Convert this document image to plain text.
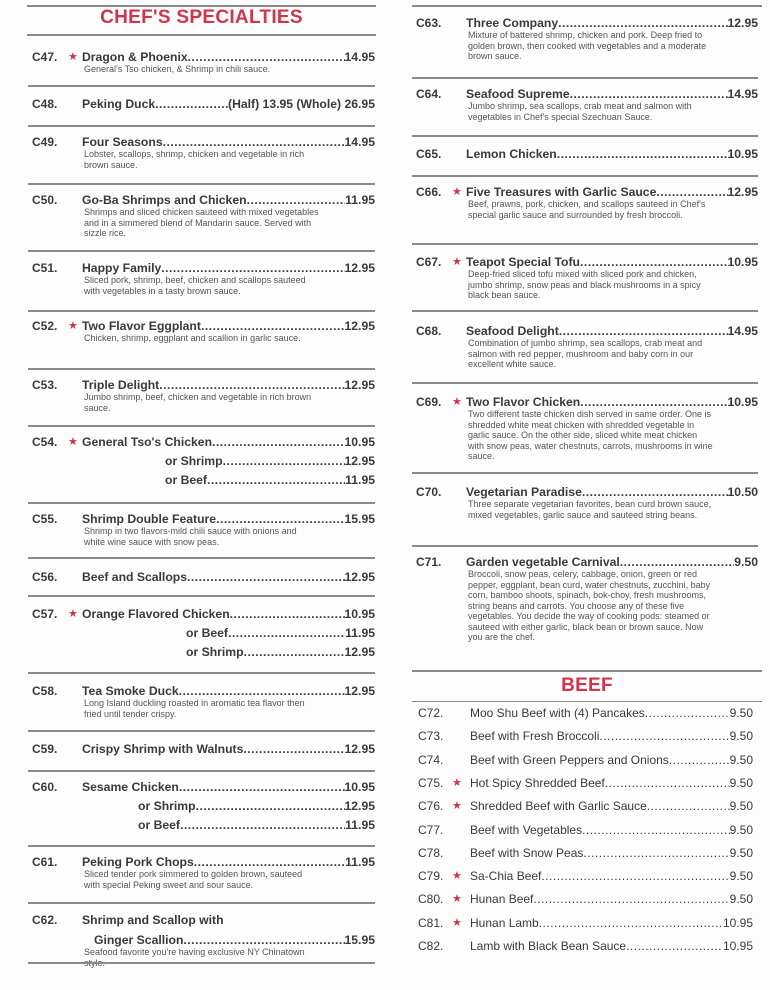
CHEF'S SPECIALTIES
BEEF
C47. ★ Dragon & Phoenix .....	14.95
General's Tso chicken, & Shrimp in chili sauce.
C48. Peking Duck .....	(Half) 13.95 (Whole) 26.95
C49. Four Seasons .....	14.95
Lobster, scallops, shrimp, chicken and vegetable in rich brown sauce.
C50. Go-Ba Shrimps and Chicken .....	11.95
Shrimps and sliced chicken sauteed with mixed vegetables and in a simmered blend of Mandarin sauce. Served with sizzle rice.
C51. Happy Family .....	12.95
Sliced pork, shrimp, beef, chicken and scallops sauteed with vegetables in a tasty brown sauce.
C52. ★ Two Flavor Eggplant .....	12.95
Chicken, shrimp, eggplant and scallion in garlic sauce.
C53. Triple Delight .....	12.95
Jumbo shrimp, beef, chicken and vegetable in rich brown sauce.
C54. ★ General Tso's Chicken .....	10.95
or Shrimp .....	12.95
or Beef .....	11.95
C55. Shrimp Double Feature .....	15.95
Shrimp in two flavors-mild chili sauce with onions and white wine sauce with snow peas.
C56. Beef and Scallops .....	12.95
C57. ★ Orange Flavored Chicken .....	10.95
or Beef .....	11.95
or Shrimp .....	12.95
C58. Tea Smoke Duck .....	12.95
Long Island duckling roasted in aromatic tea flavor then fried until tender crispy.
C59. Crispy Shrimp with Walnuts .....	12.95
C60. Sesame Chicken .....	10.95
or Shrimp .....	12.95
or Beef .....	11.95
C61. Peking Pork Chops .....	11.95
Sliced tender pork simmered to golden brown, sauteed with special Peking sweet and sour sauce.
C62. Shrimp and Scallop with
Ginger Scallion .....	15.95
Seafood favorite you're having exclusive NY Chinatown
C63. Three Company .....	12.95
Mixture of battered shrimp, chicken and pork. Deep fried to golden brown, then cooked with vegetables and a moderate brown sauce.
C64. Seafood Supreme .....	14.95
Jumbo shrimp, sea scallops, crab meat and salmon with vegetables in Chef's special Szechuan Sauce.
C65. Lemon Chicken .....	10.95
C66. ★ Five Treasures with Garlic Sauce .....	12.95
Beef, prawns, pork, chicken, and scallops sauteed in Chef's special garlic sauce and surrounded by fresh broccoli.
C67. ★ Teapot Special Tofu .....	10.95
Deep-fried sliced tofu mixed with sliced pork and chicken, jumbo shrimp, snow peas and black mushrooms in a spicy black bean sauce.
C68. Seafood Delight .....	14.95
Combination of jumbo shrimp, sea scallops, crab meat and salmon with red pepper, mushroom and baby corn in our excellent white sauce.
C69. ★ Two Flavor Chicken .....	10.95
Two different taste chicken dish served in same order. One is shredded white meat chicken with shredded vegetable in garlic sauce. On the other side, sliced white meat chicken with snow peas, water chestnuts, carrots, mushrooms in wine sauce.
C70. Vegetarian Paradise .....	10.50
Three separate vegetarian favorites, bean curd brown sauce, mixed vegetables, garlic sauce and sauteed string beans.
C71. Garden vegetable Carnival .....	9.50
Broccoli, snow peas, celery, cabbage, onion, green or red pepper, eggplant, bean curd, water chestnuts, zucchini, baby corn, bamboo shoots, spinach, bok-choy, fresh mushrooms, string beans and carrots. You choose any of these five vegetables. You decide the way of cooking pods: steamed or sauteed with either garlic, black bean or brown sauce. Now you are the chef.
C72. Moo Shu Beef with (4) Pancakes .....	9.50
C73. Beef with Fresh Broccoli .....	9.50
C74. Beef with Green Peppers and Onions .....	9.50
C75. ★ Hot Spicy Shredded Beef .....	9.50
C76. ★ Shredded Beef with Garlic Sauce .....	9.50
C77. Beef with Vegetables .....	9.50
C78. Beef with Snow Peas .....	9.50
C79. ★ Sa-Chia Beef .....	9.50
C80. ★ Hunan Beef .....	9.50
C81. ★ Hunan Lamb .....	10.95
C82. Lamb with Black Bean Sauce .....	10.95
